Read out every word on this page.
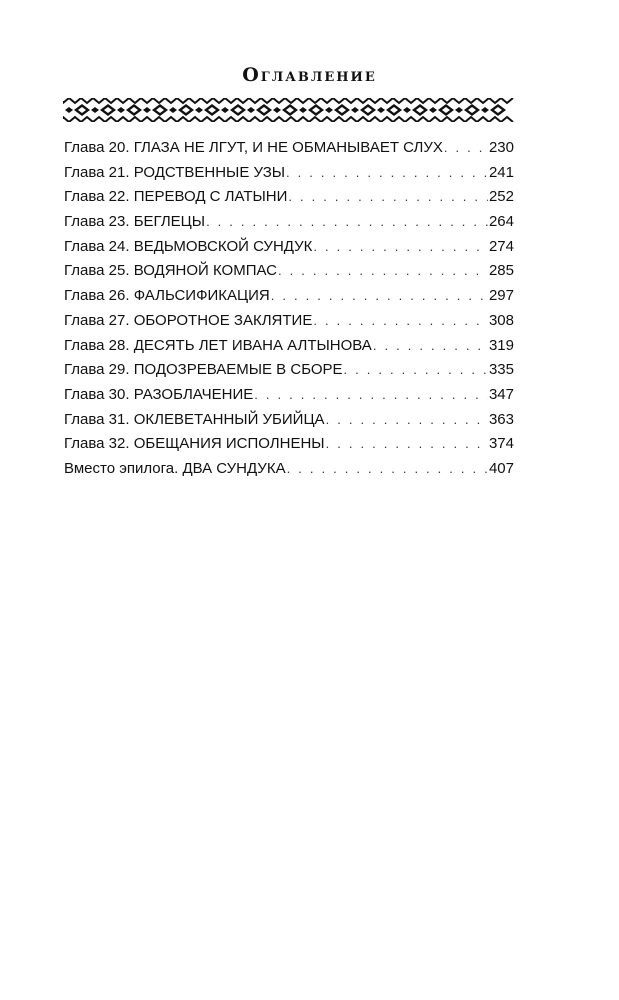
Оглавление
Глава 20. ГЛАЗА НЕ ЛГУТ, И НЕ ОБМАНЫВАЕТ СЛУХ . . .	230
Глава 21. РОДСТВЕННЫЕ УЗЫ . . .	241
Глава 22. ПЕРЕВОД С ЛАТЫНИ . . .	252
Глава 23. БЕГЛЕЦЫ . . .	264
Глава 24. ВЕДЬМОВСКОЙ СУНДУК . . .	274
Глава 25. ВОДЯНОЙ КОМПАС . . .	285
Глава 26. ФАЛЬСИФИКАЦИЯ . . .	297
Глава 27. ОБОРОТНОЕ ЗАКЛЯТИЕ . . .	308
Глава 28. ДЕСЯТЬ ЛЕТ ИВАНА АЛТЫНОВА . . .	319
Глава 29. ПОДОЗРЕВАЕМЫЕ В СБОРЕ . . .	335
Глава 30. РАЗОБЛАЧЕНИЕ . . .	347
Глава 31. ОКЛЕВЕТАННЫЙ УБИЙЦА . . .	363
Глава 32. ОБЕЩАНИЯ ИСПОЛНЕНЫ . . .	374
Вместо эпилога. ДВА СУНДУКА . . .	407
